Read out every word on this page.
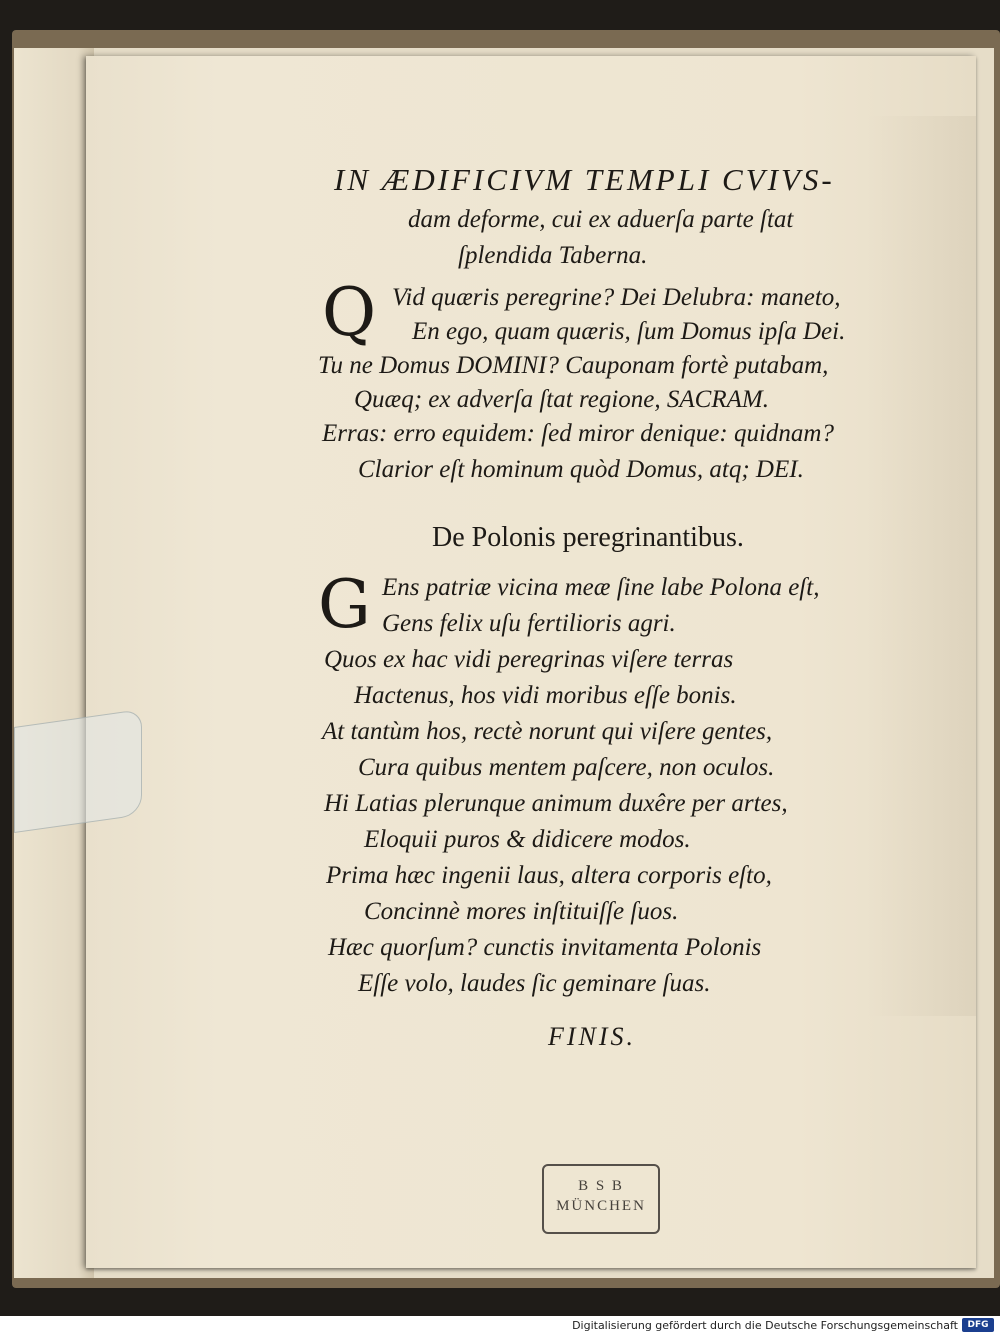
IN ÆDIFICIVM TEMPLI CVIVS-
dam deforme, cui ex aduerſa parte ſtat
ſplendida Taberna.
Q Vid quæris peregrine? Dei Delubra: maneto,
En ego, quam quæris, ſum Domus ipſa Dei.
Tu ne Domus DOMINI? Cauponam fortè putabam,
Quæq; ex adverſa ſtat regione, SACRAM.
Erras: erro equidem: ſed miror denique: quidnam?
Clarior eſt hominum quòd Domus, atq; DEI.
De Polonis peregrinantibus.
G Ens patriæ vicina meæ ſine labe Polona eſt,
Gens felix uſu fertilioris agri.
Quos ex hac vidi peregrinas viſere terras
Hactenus, hos vidi moribus eſſe bonis.
At tantùm hos, rectè norunt qui viſere gentes,
Cura quibus mentem paſcere, non oculos.
Hi Latias plerunque animum duxêre per artes,
Eloquii puros & didicere modos.
Prima hæc ingenii laus, altera corporis eſto,
Concinnè mores inſtituiſſe ſuos.
Hæc quorſum? cunctis invitamenta Polonis
Eſſe volo, laudes ſic geminare ſuas.
FINIS.
B S B
MÜNCHEN
Digitalisierung gefördert durch die Deutsche Forschungsgemeinschaft	DFG
